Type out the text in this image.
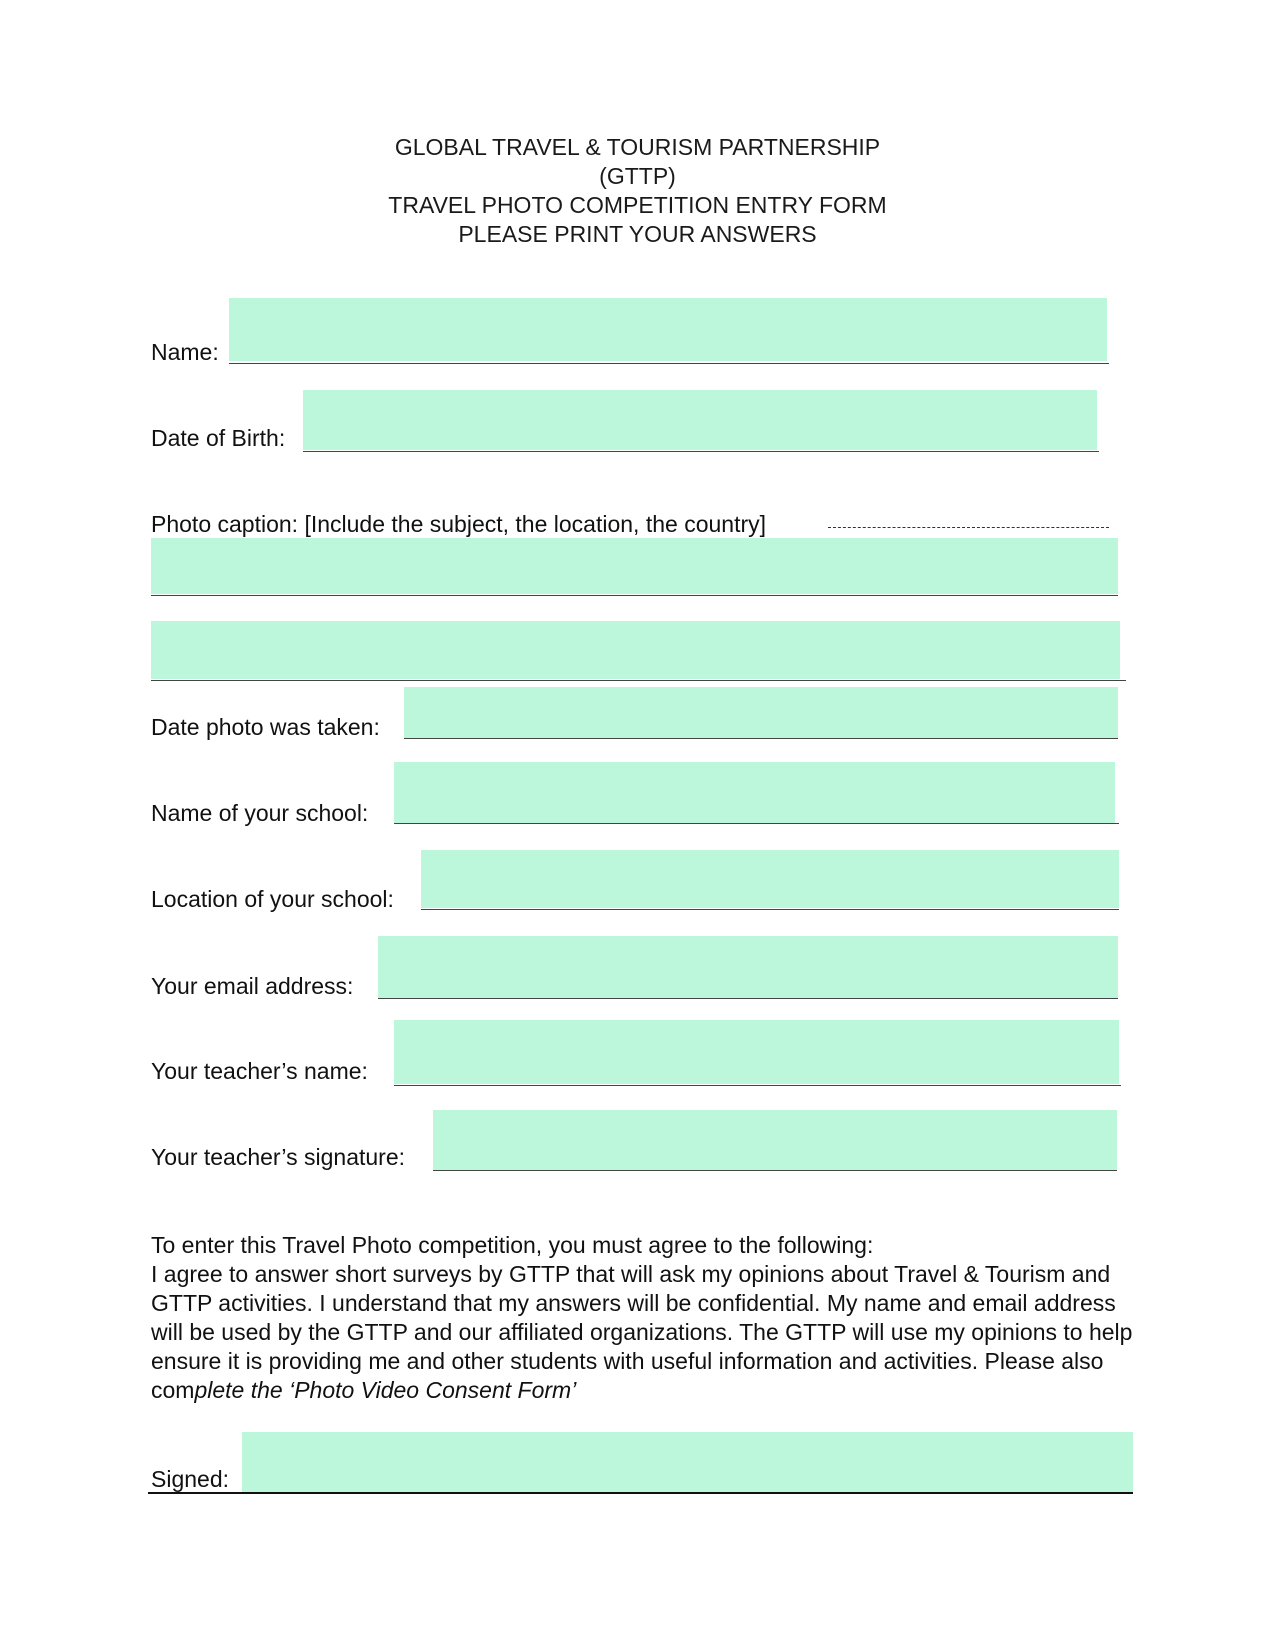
GLOBAL TRAVEL & TOURISM PARTNERSHIP
(GTTP)
TRAVEL PHOTO COMPETITION ENTRY FORM
PLEASE PRINT YOUR ANSWERS
Name:
Date of Birth:
Photo caption: [Include the subject, the location, the country]
Date photo was taken:
Name of your school:
Location of your school:
Your email address:
Your teacher’s name:
Your teacher’s signature:

To enter this Travel Photo competition, you must agree to the following:

I agree to answer short surveys by GTTP that will ask my opinions about Travel & Tourism and GTTP activities. I understand that my answers will be confidential. My name and email address will be used by the GTTP and our affiliated organizations. The GTTP will use my opinions to help ensure it is providing me and other students with useful information and activities. Please also complete the ‘Photo Video Consent Form’

Signed:
